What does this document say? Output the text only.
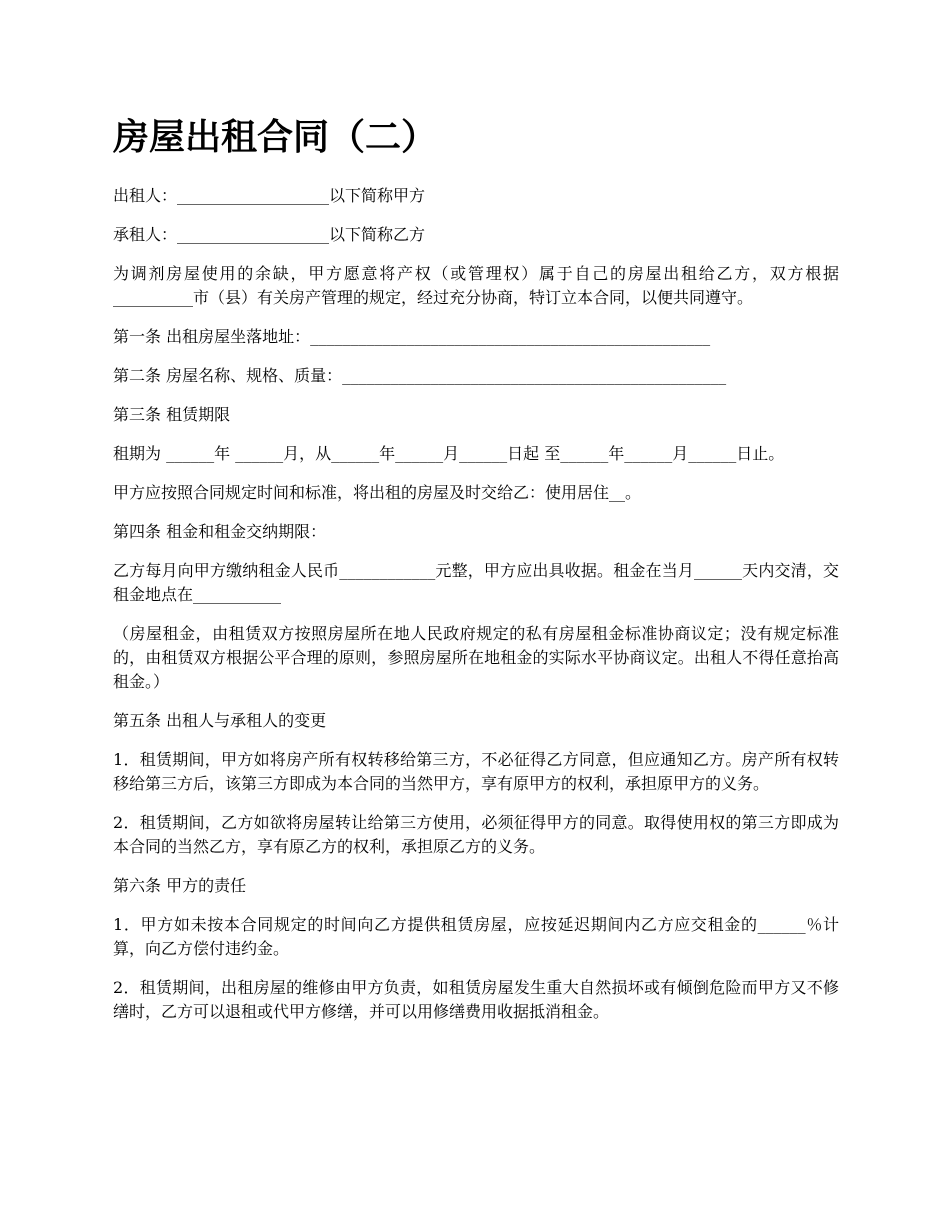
房屋出租合同（二）

出租人：___________________以下简称甲方

承租人：___________________以下简称乙方

为调剂房屋使用的余缺，甲方愿意将产权（或管理权）属于自己的房屋出租给乙方，双方根据__________市（县）有关房产管理的规定，经过充分协商，特订立本合同，以便共同遵守。

第一条 出租房屋坐落地址：__________________________________________________

第二条 房屋名称、规格、质量：________________________________________________

第三条 租赁期限

租期为 ______年 ______月，从______年______月______日起 至______年______月______日止。

甲方应按照合同规定时间和标准，将出租的房屋及时交给乙：使用居住__。

第四条 租金和租金交纳期限：

乙方每月向甲方缴纳租金人民币____________元整，甲方应出具收据。租金在当月______天内交清，交租金地点在___________

（房屋租金，由租赁双方按照房屋所在地人民政府规定的私有房屋租金标准协商议定；没有规定标准的，由租赁双方根据公平合理的原则，参照房屋所在地租金的实际水平协商议定。出租人不得任意抬高租金。）

第五条 出租人与承租人的变更

1．租赁期间，甲方如将房产所有权转移给第三方，不必征得乙方同意，但应通知乙方。房产所有权转移给第三方后，该第三方即成为本合同的当然甲方，享有原甲方的权利，承担原甲方的义务。

2．租赁期间，乙方如欲将房屋转让给第三方使用，必须征得甲方的同意。取得使用权的第三方即成为本合同的当然乙方，享有原乙方的权利，承担原乙方的义务。

第六条 甲方的责任

1．甲方如未按本合同规定的时间向乙方提供租赁房屋，应按延迟期间内乙方应交租金的______％计算，向乙方偿付违约金。

2．租赁期间，出租房屋的维修由甲方负责，如租赁房屋发生重大自然损坏或有倾倒危险而甲方又不修缮时，乙方可以退租或代甲方修缮，并可以用修缮费用收据抵消租金。
